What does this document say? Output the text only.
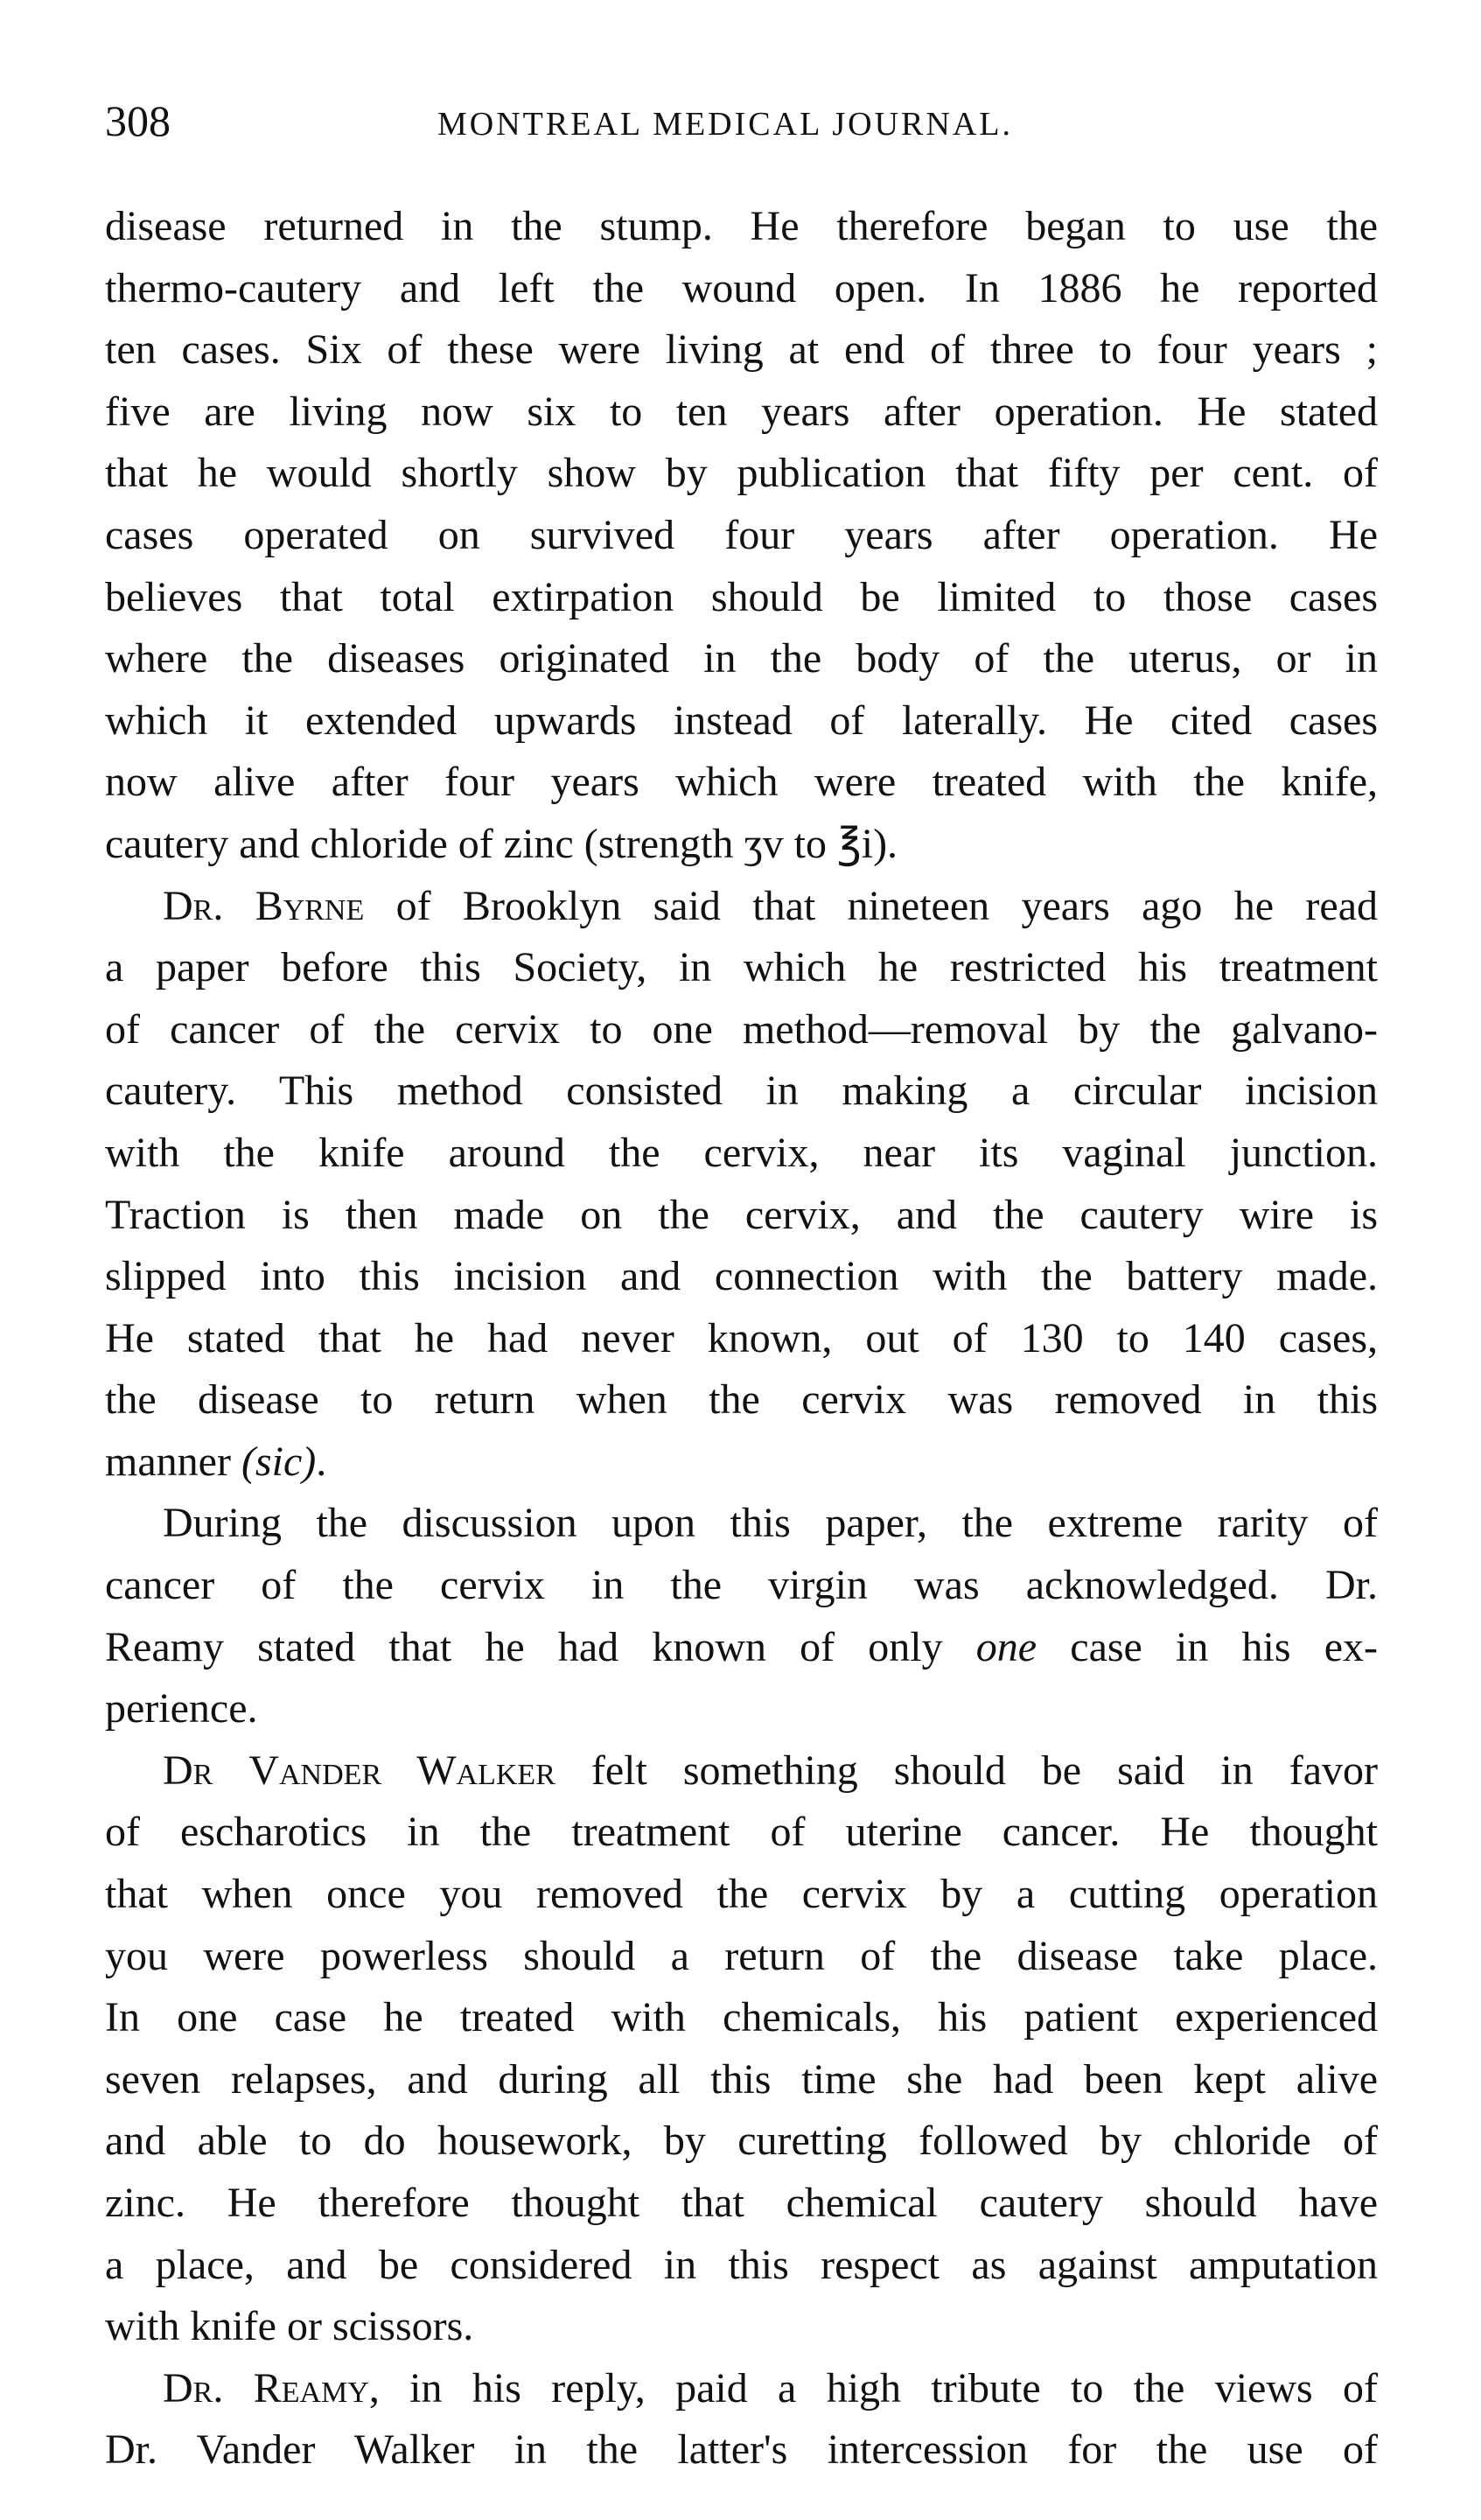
308	MONTREAL MEDICAL JOURNAL.
disease returned in the stump. He therefore began to use the
thermo-cautery and left the wound open. In 1886 he reported
ten cases. Six of these were living at end of three to four years ;
five are living now six to ten years after operation. He stated
that he would shortly show by publication that fifty per cent. of
cases operated on survived four years after operation. He
believes that total extirpation should be limited to those cases
where the diseases originated in the body of the uterus, or in
which it extended upwards instead of laterally. He cited cases
now alive after four years which were treated with the knife,
cautery and chloride of zinc (strength ʒv to ℥i).
Dr. Byrne of Brooklyn said that nineteen years ago he read
a paper before this Society, in which he restricted his treatment
of cancer of the cervix to one method—removal by the galvano-
cautery. This method consisted in making a circular incision
with the knife around the cervix, near its vaginal junction.
Traction is then made on the cervix, and the cautery wire is
slipped into this incision and connection with the battery made.
He stated that he had never known, out of 130 to 140 cases,
the disease to return when the cervix was removed in this
manner (sic).
During the discussion upon this paper, the extreme rarity of
cancer of the cervix in the virgin was acknowledged. Dr.
Reamy stated that he had known of only one case in his ex-
perience.
Dr Vander Walker felt something should be said in favor
of escharotics in the treatment of uterine cancer. He thought
that when once you removed the cervix by a cutting operation
you were powerless should a return of the disease take place.
In one case he treated with chemicals, his patient experienced
seven relapses, and during all this time she had been kept alive
and able to do housework, by curetting followed by chloride of
zinc. He therefore thought that chemical cautery should have
a place, and be considered in this respect as against amputation
with knife or scissors.
Dr. Reamy, in his reply, paid a high tribute to the views of
Dr. Vander Walker in the latter's intercession for the use of
